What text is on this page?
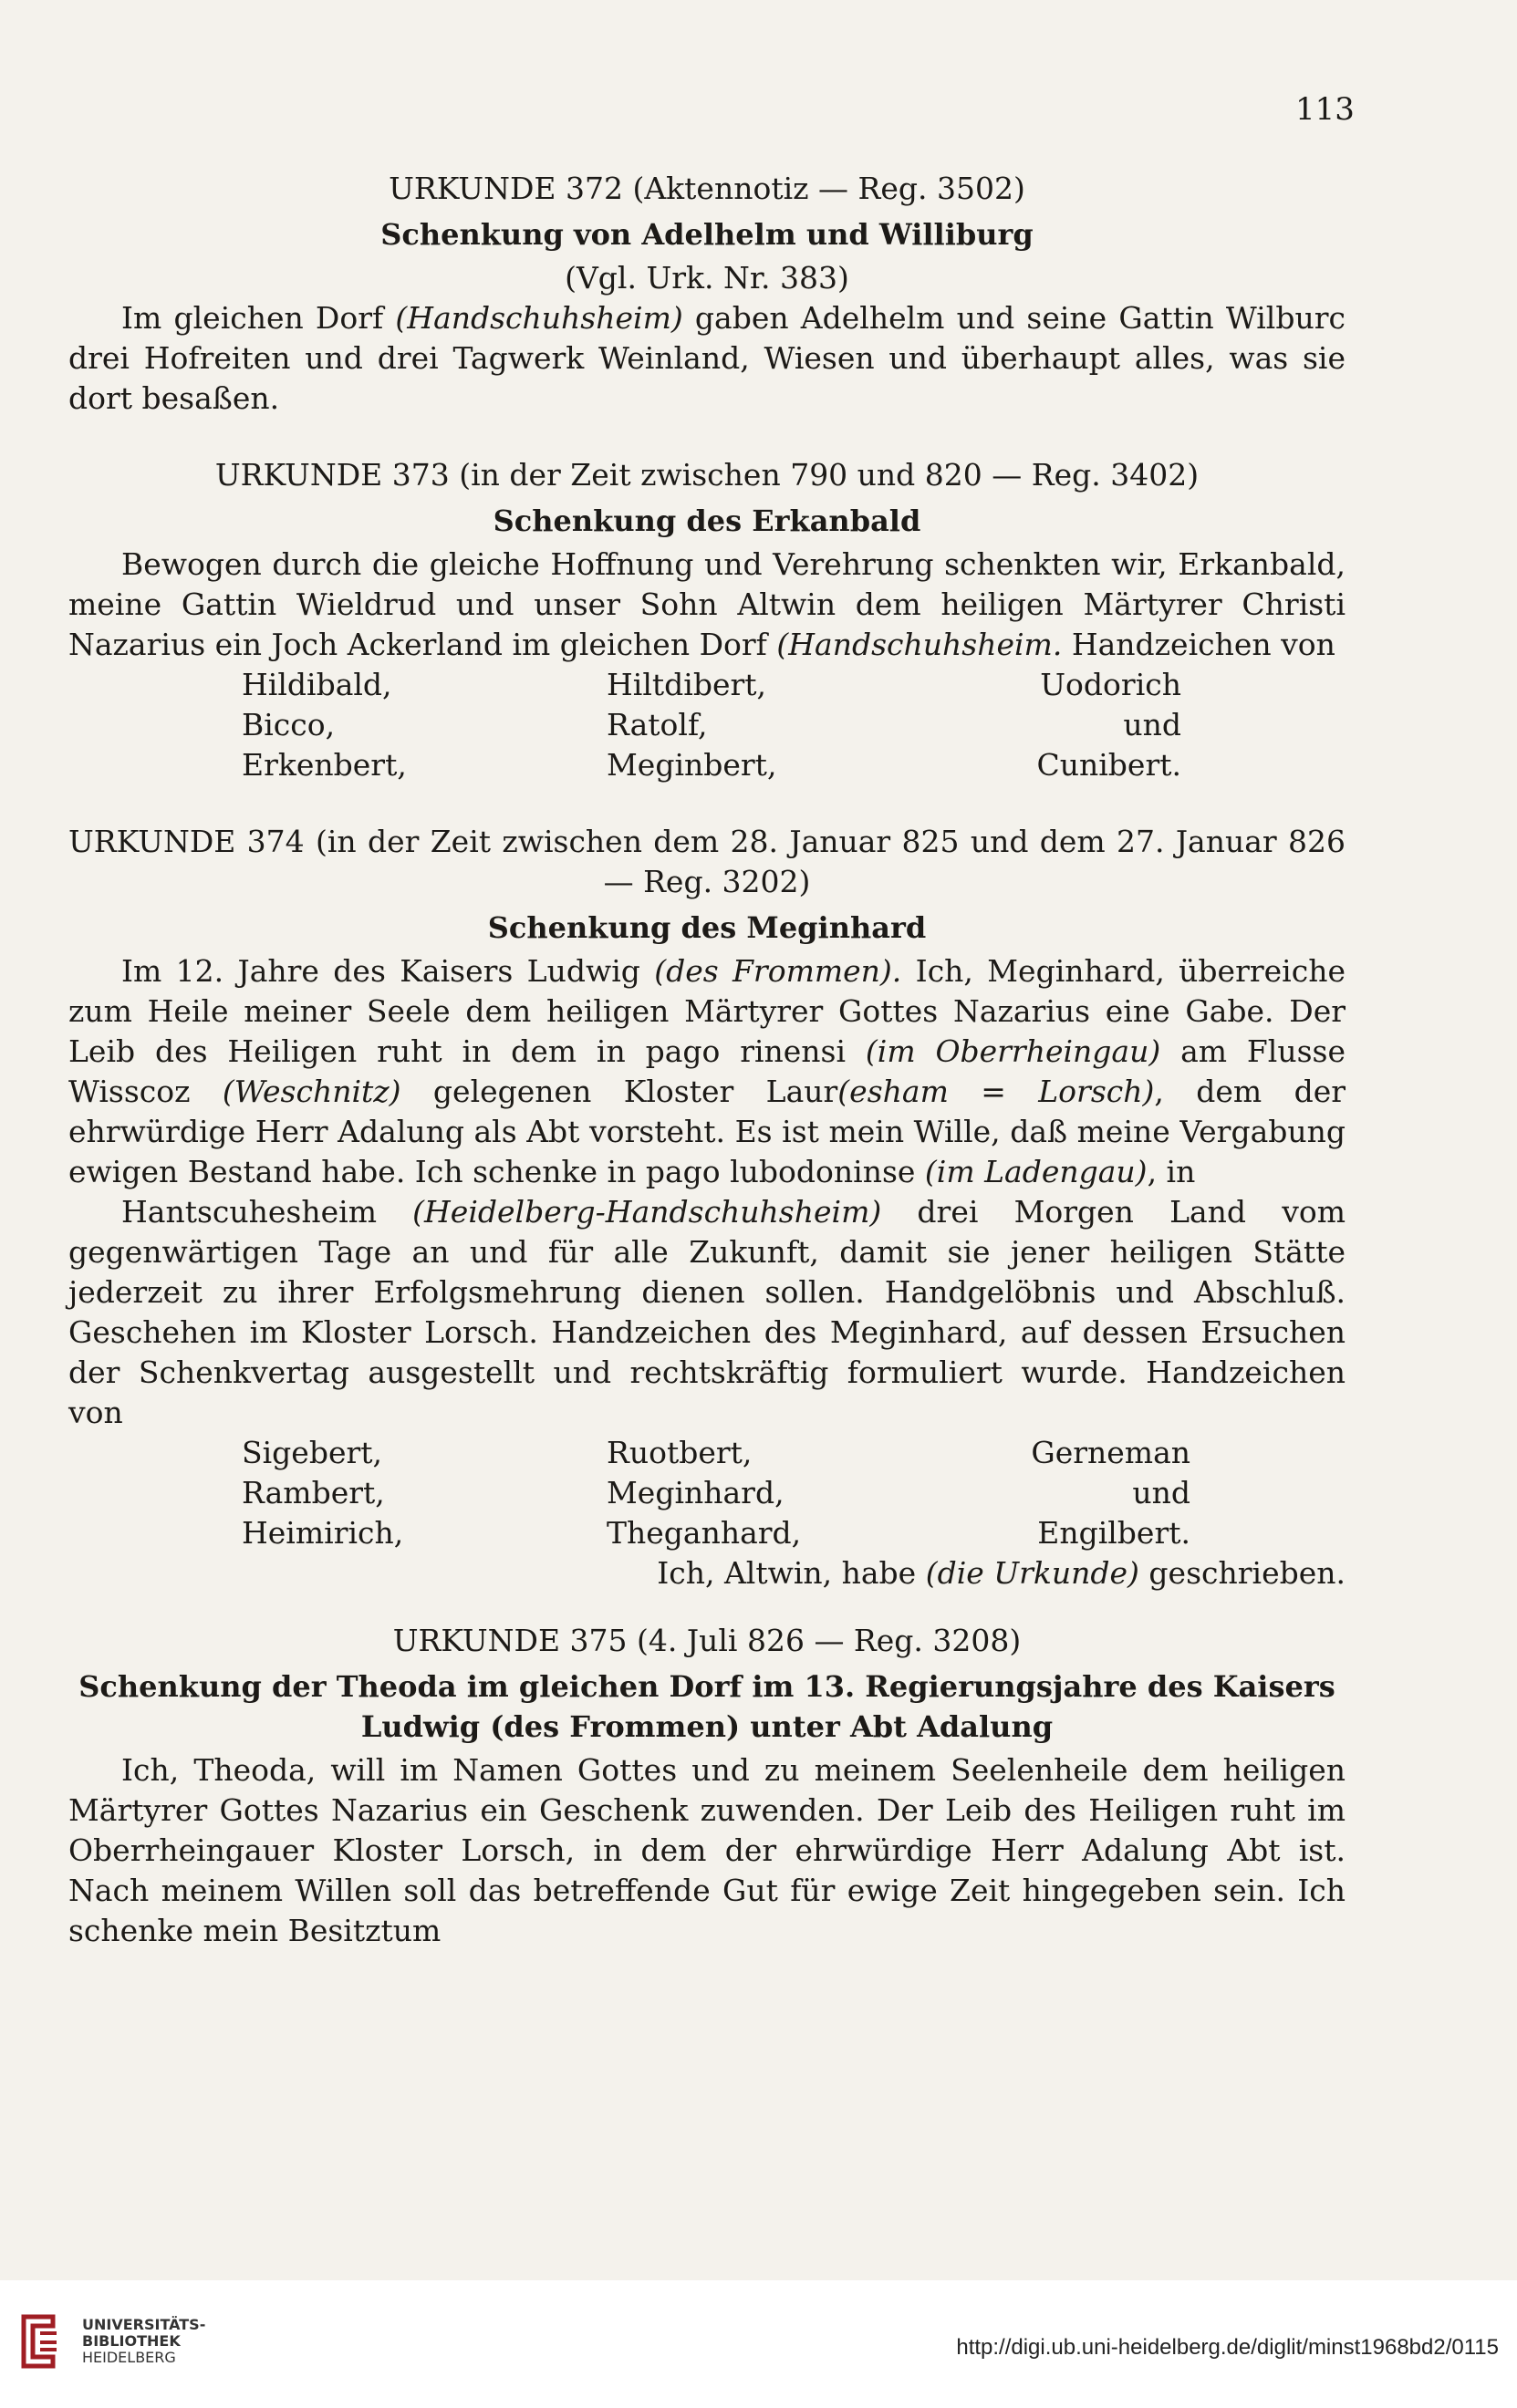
113
URKUNDE 372 (Aktennotiz — Reg. 3502)
Schenkung von Adelhelm und Williburg
(Vgl. Urk. Nr. 383)

Im gleichen Dorf (Handschuhsheim) gaben Adelhelm und seine Gattin Wilburc drei Hofreiten und drei Tagwerk Weinland, Wiesen und überhaupt alles, was sie dort besaßen.

URKUNDE 373 (in der Zeit zwischen 790 und 820 — Reg. 3402)
Schenkung des Erkanbald

Bewogen durch die gleiche Hoffnung und Verehrung schenkten wir, Erkanbald, meine Gattin Wieldrud und unser Sohn Altwin dem heiligen Märtyrer Christi Nazarius ein Joch Ackerland im gleichen Dorf (Handschuhsheim. Handzeichen von

Hildibald,	Hiltdibert,	Uodorich
Bicco,	Ratolf,	und
Erkenbert,	Meginbert,	Cunibert.
URKUNDE 374 (in der Zeit zwischen dem 28. Januar 825 und dem 27. Januar 826
— Reg. 3202)
Schenkung des Meginhard

Im 12. Jahre des Kaisers Ludwig (des Frommen). Ich, Meginhard, überreiche zum Heile meiner Seele dem heiligen Märtyrer Gottes Nazarius eine Gabe. Der Leib des Heiligen ruht in dem in pago rinensi (im Oberrheingau) am Flusse Wisscoz (Weschnitz) gelegenen Kloster Laur(esham = Lorsch), dem der ehrwürdige Herr Adalung als Abt vorsteht. Es ist mein Wille, daß meine Vergabung ewigen Bestand habe. Ich schenke in pago lubodoninse (im Ladengau), in

Hantscuhesheim (Heidelberg-Handschuhsheim) drei Morgen Land vom gegenwärtigen Tage an und für alle Zukunft, damit sie jener heiligen Stätte jederzeit zu ihrer Erfolgsmehrung dienen sollen. Handgelöbnis und Abschluß. Geschehen im Kloster Lorsch. Handzeichen des Meginhard, auf dessen Ersuchen der Schenkvertag ausgestellt und rechtskräftig formuliert wurde. Handzeichen von

Sigebert,	Ruotbert,	Gerneman
Rambert,	Meginhard,	und
Heimirich,	Theganhard,	Engilbert.
Ich, Altwin, habe (die Urkunde) geschrieben.
URKUNDE 375 (4. Juli 826 — Reg. 3208)
Schenkung der Theoda im gleichen Dorf im 13. Regierungsjahre des Kaisers
Ludwig (des Frommen) unter Abt Adalung

Ich, Theoda, will im Namen Gottes und zu meinem Seelenheile dem heiligen Märtyrer Gottes Nazarius ein Geschenk zuwenden. Der Leib des Heiligen ruht im Oberrheingauer Kloster Lorsch, in dem der ehrwürdige Herr Adalung Abt ist. Nach meinem Willen soll das betreffende Gut für ewige Zeit hingegeben sein. Ich schenke mein Besitztum

UNIVERSITÄTS-
BIBLIOTHEK
HEIDELBERG	http://digi.ub.uni-heidelberg.de/diglit/minst1968bd2/0115
